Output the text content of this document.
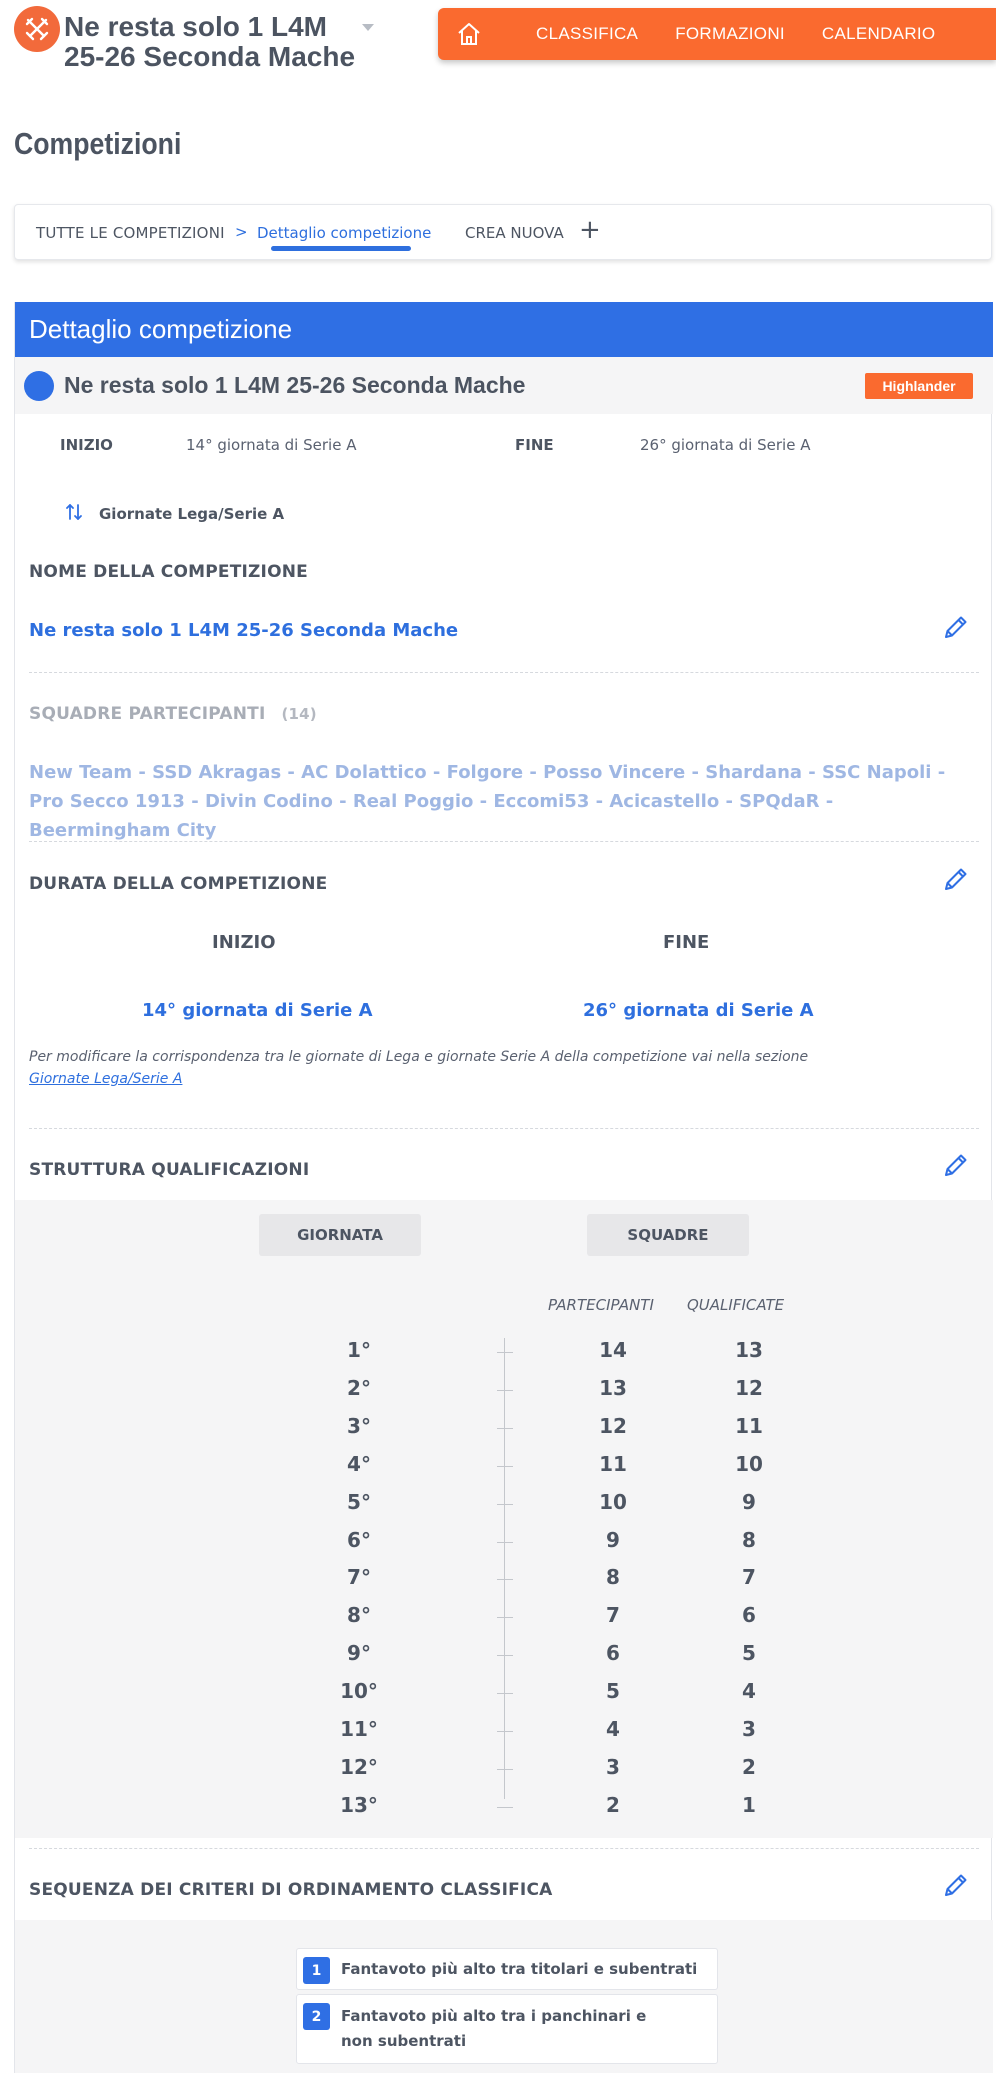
Ne resta solo 1 L4M 25-26 Seconda Mache
CLASSIFICA FORMAZIONI CALENDARIO
Competizioni
TUTTE LE COMPETIZIONI > Dettaglio competizione CREA NUOVA +
Dettaglio competizione
Ne resta solo 1 L4M 25-26 Seconda Mache	Highlander
INIZIO	14° giornata di Serie A	FINE	26° giornata di Serie A
Giornate Lega/Serie A
NOME DELLA COMPETIZIONE
Ne resta solo 1 L4M 25-26 Seconda Mache
SQUADRE PARTECIPANTI (14)
New Team - SSD Akragas - AC Dolattico - Folgore - Posso Vincere - Shardana - SSC Napoli - Pro Secco 1913 - Divin Codino - Real Poggio - Eccomi53 - Acicastello - SPQdaR - Beermingham City
DURATA DELLA COMPETIZIONE
INIZIO	FINE
14° giornata di Serie A	26° giornata di Serie A
Per modificare la corrispondenza tra le giornate di Lega e giornate Serie A della competizione vai nella sezione
Giornate Lega/Serie A
STRUTTURA QUALIFICAZIONI
GIORNATA	SQUADRE
PARTECIPANTI QUALIFICATE
1°	14	13
2°	13	12
3°	12	11
4°	11	10
5°	10	9
6°	9	8
7°	8	7
8°	7	6
9°	6	5
10°	5	4
11°	4	3
12°	3	2
13°	2	1
SEQUENZA DEI CRITERI DI ORDINAMENTO CLASSIFICA
1	Fantavoto più alto tra titolari e subentrati
2	Fantavoto più alto tra i panchinari e non subentrati
